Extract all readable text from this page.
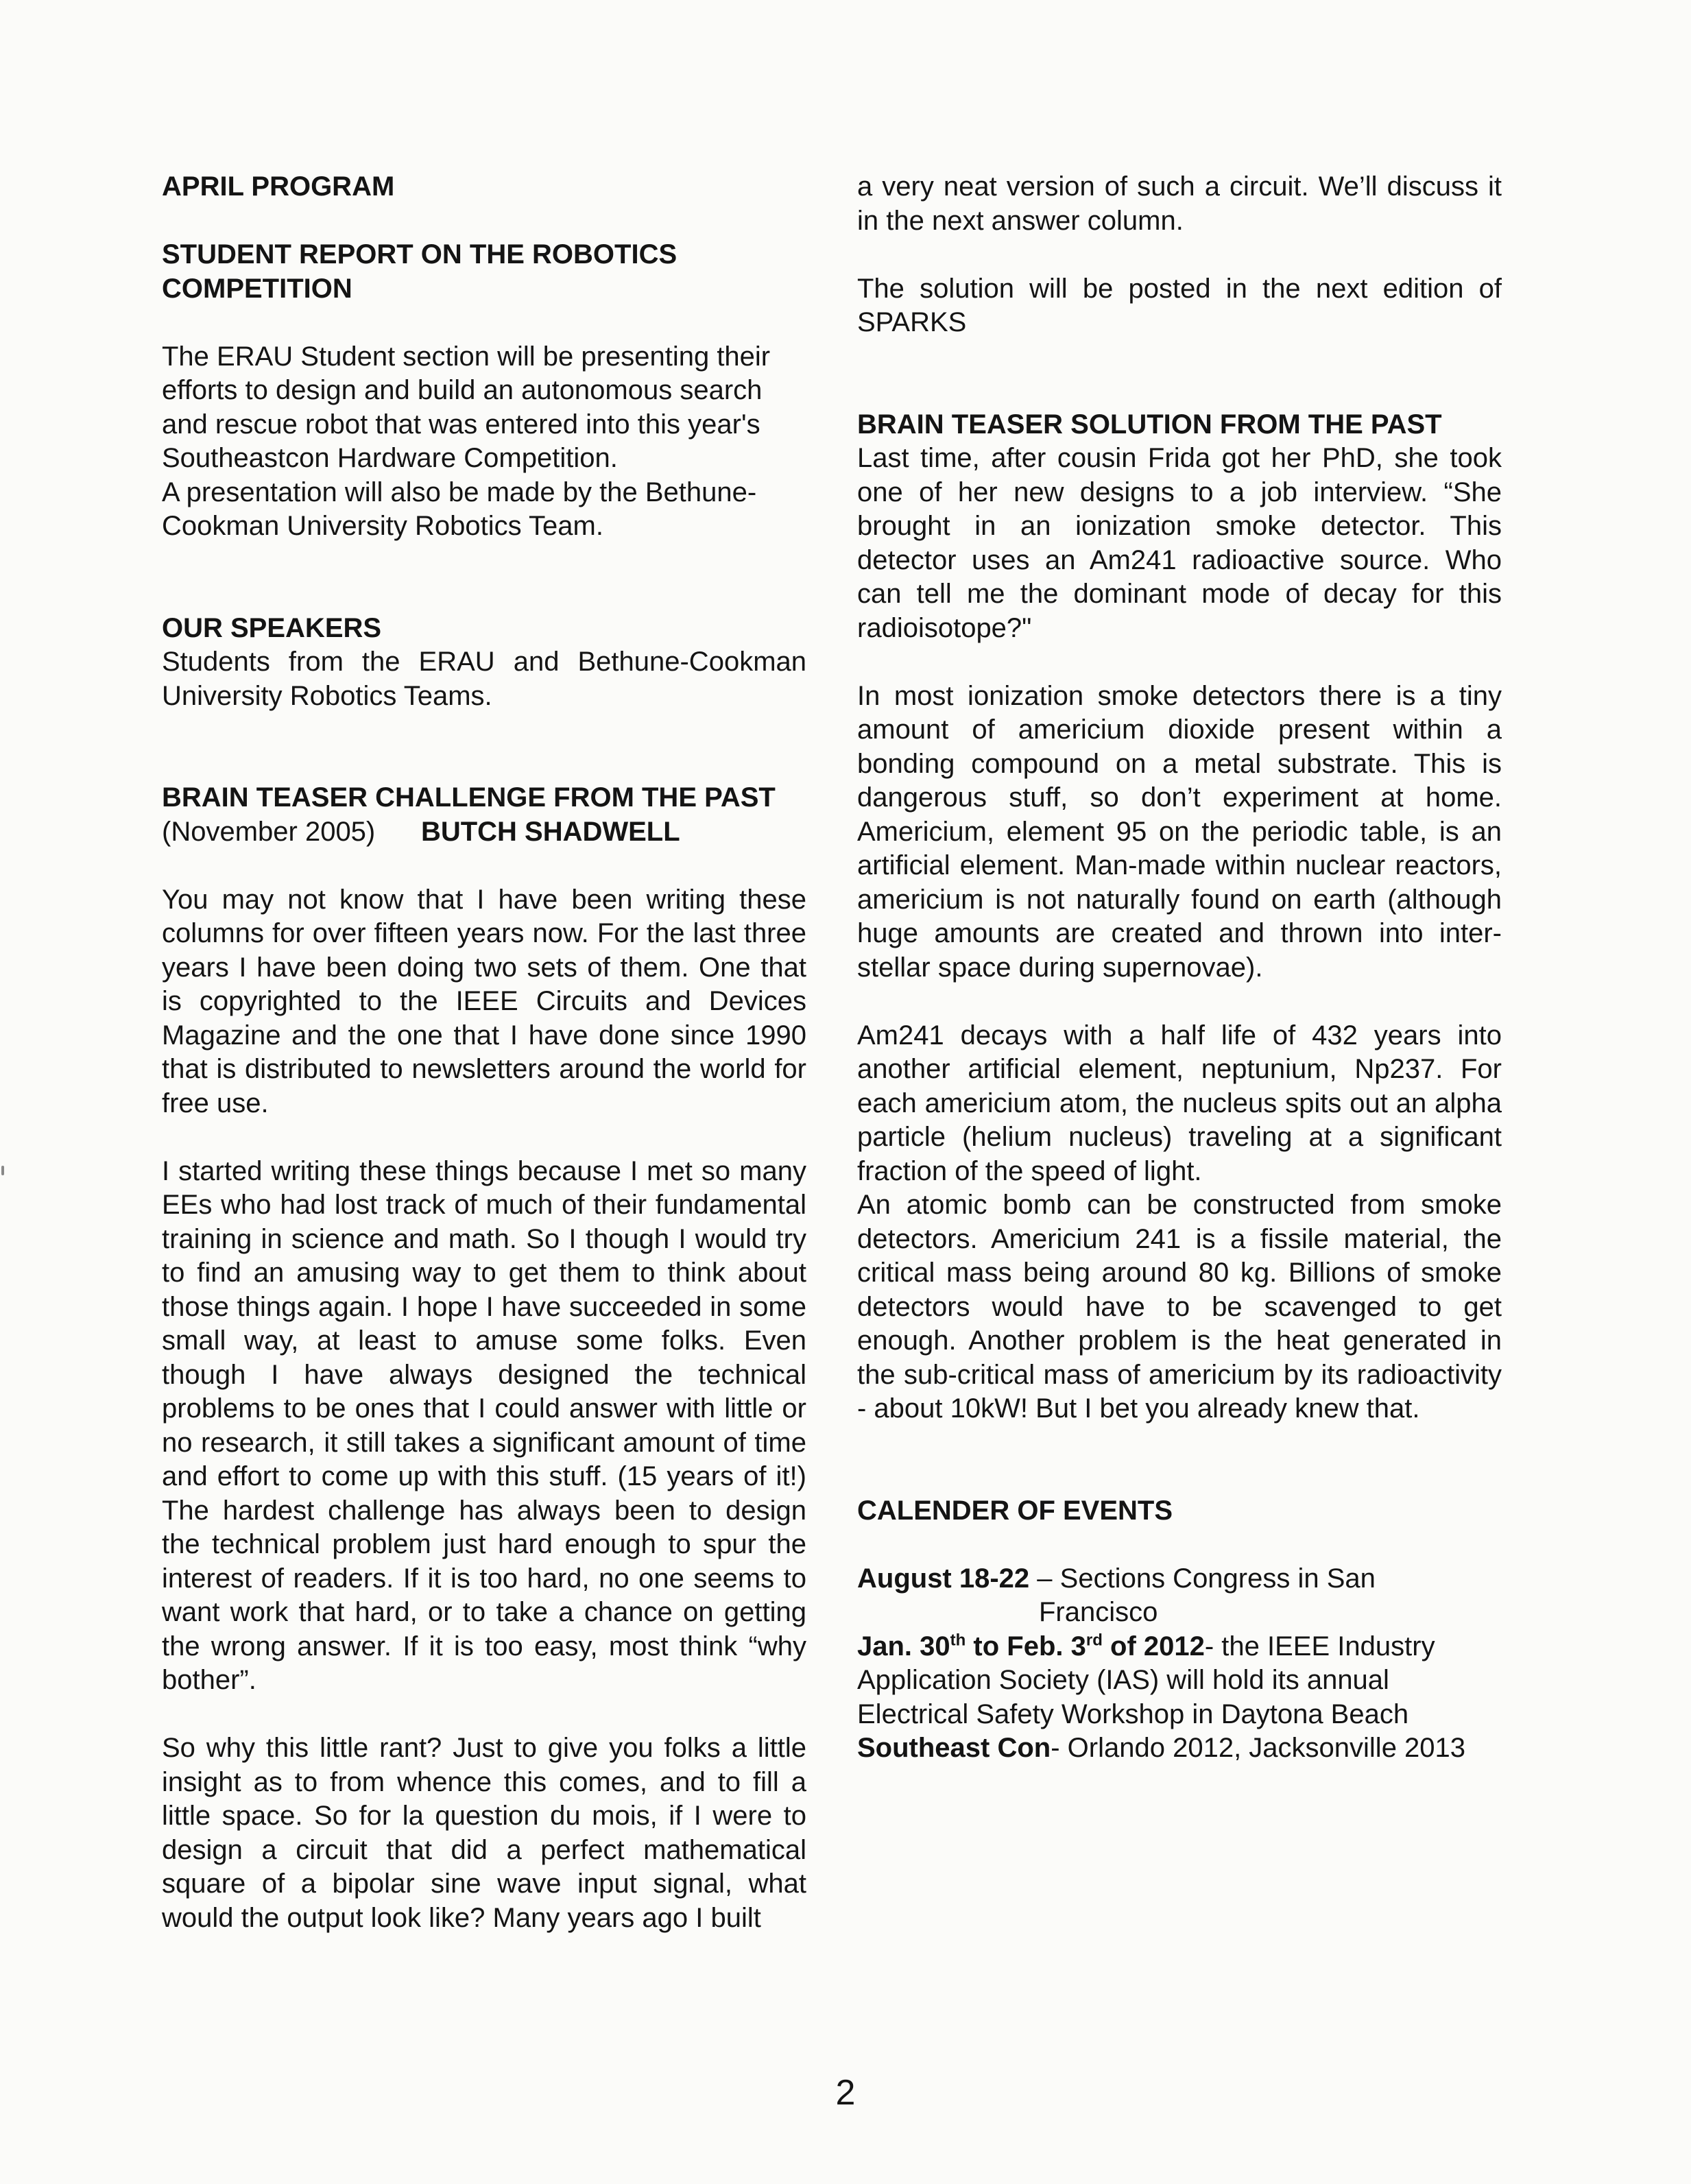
APRIL PROGRAM

STUDENT REPORT ON THE ROBOTICS
COMPETITION

The ERAU Student section will be presenting their efforts to design and build an autonomous search and rescue robot that was entered into this year's Southeastcon Hardware Competition.

A presentation will also be made by the Bethune-Cookman University Robotics Team.

OUR SPEAKERS

Students from the ERAU and Bethune-Cookman University Robotics Teams.

BRAIN TEASER CHALLENGE FROM THE PAST

(November 2005) BUTCH SHADWELL

You may not know that I have been writing these columns for over fifteen years now. For the last three years I have been doing two sets of them. One that is copyrighted to the IEEE Circuits and Devices Magazine and the one that I have done since 1990 that is distributed to newsletters around the world for free use.

I started writing these things because I met so many EEs who had lost track of much of their fundamental training in science and math. So I though I would try to find an amusing way to get them to think about those things again. I hope I have succeeded in some small way, at least to amuse some folks. Even though I have always designed the technical problems to be ones that I could answer with little or no research, it still takes a significant amount of time and effort to come up with this stuff. (15 years of it!) The hardest challenge has always been to design the technical problem just hard enough to spur the interest of readers. If it is too hard, no one seems to want work that hard, or to take a chance on getting the wrong answer. If it is too easy, most think “why bother”.

So why this little rant? Just to give you folks a little insight as to from whence this comes, and to fill a little space. So for la question du mois, if I were to design a circuit that did a perfect mathematical square of a bipolar sine wave input signal, what would the output look like? Many years ago I built

a very neat version of such a circuit. We’ll discuss it in the next answer column.

The solution will be posted in the next edition of SPARKS

BRAIN TEASER SOLUTION FROM THE PAST

Last time, after cousin Frida got her PhD, she took one of her new designs to a job interview. “She brought in an ionization smoke detector. This detector uses an Am241 radioactive source. Who can tell me the dominant mode of decay for this radioisotope?"

In most ionization smoke detectors there is a tiny amount of americium dioxide present within a bonding compound on a metal substrate. This is dangerous stuff, so don’t experiment at home. Americium, element 95 on the periodic table, is an artificial element. Man-made within nuclear reactors, americium is not naturally found on earth (although huge amounts are created and thrown into inter-stellar space during supernovae).

Am241 decays with a half life of 432 years into another artificial element, neptunium, Np237. For each americium atom, the nucleus spits out an alpha particle (helium nucleus) traveling at a significant fraction of the speed of light.

An atomic bomb can be constructed from smoke detectors. Americium 241 is a fissile material, the critical mass being around 80 kg. Billions of smoke detectors would have to be scavenged to get enough. Another problem is the heat generated in the sub-critical mass of americium by its radioactivity - about 10kW! But I bet you already knew that.

CALENDER OF EVENTS

August 18-22 – Sections Congress in San
Francisco

Jan. 30th to Feb. 3rd of 2012- the IEEE Industry Application Society (IAS) will hold its annual Electrical Safety Workshop in Daytona Beach

Southeast Con- Orlando 2012, Jacksonville 2013

2
